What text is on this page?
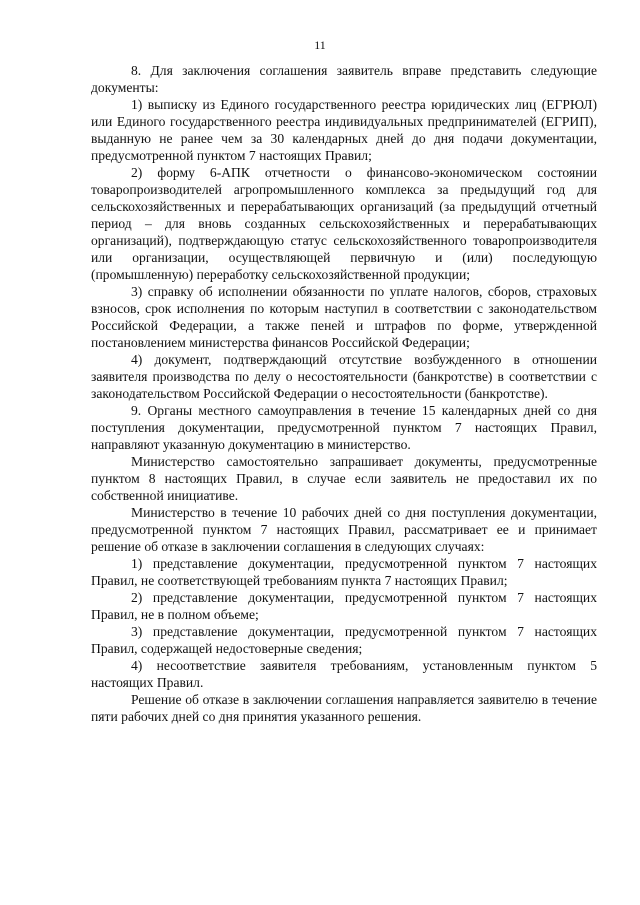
11

8. Для заключения соглашения заявитель вправе представить следующие документы:

1) выписку из Единого государственного реестра юридических лиц (ЕГРЮЛ) или Единого государственного реестра индивидуальных предпринимателей (ЕГРИП), выданную не ранее чем за 30 календарных дней до дня подачи документации, предусмотренной пунктом 7 настоящих Правил;

2) форму 6-АПК отчетности о финансово-экономическом состоянии товаропроизводителей агропромышленного комплекса за предыдущий год для сельскохозяйственных и перерабатывающих организаций (за предыдущий отчетный период – для вновь созданных сельскохозяйственных и перерабатывающих организаций), подтверждающую статус сельскохозяйственного товаропроизводителя или организации, осуществляющей первичную и (или) последующую (промышленную) переработку сельскохозяйственной продукции;

3) справку об исполнении обязанности по уплате налогов, сборов, страховых взносов, срок исполнения по которым наступил в соответствии с законодательством Российской Федерации, а также пеней и штрафов по форме, утвержденной постановлением министерства финансов Российской Федерации;

4) документ, подтверждающий отсутствие возбужденного в отношении заявителя производства по делу о несостоятельности (банкротстве) в соответствии с законодательством Российской Федерации о несостоятельности (банкротстве).

9. Органы местного самоуправления в течение 15 календарных дней со дня поступления документации, предусмотренной пунктом 7 настоящих Правил, направляют указанную документацию в министерство.

Министерство самостоятельно запрашивает документы, предусмотренные пунктом 8 настоящих Правил, в случае если заявитель не предоставил их по собственной инициативе.

Министерство в течение 10 рабочих дней со дня поступления документации, предусмотренной пунктом 7 настоящих Правил, рассматривает ее и принимает решение об отказе в заключении соглашения в следующих случаях:

1) представление документации, предусмотренной пунктом 7 настоящих Правил, не соответствующей требованиям пункта 7 настоящих Правил;

2) представление документации, предусмотренной пунктом 7 настоящих Правил, не в полном объеме;

3) представление документации, предусмотренной пунктом 7 настоящих Правил, содержащей недостоверные сведения;

4) несоответствие заявителя требованиям, установленным пунктом 5 настоящих Правил.

Решение об отказе в заключении соглашения направляется заявителю в течение пяти рабочих дней со дня принятия указанного решения.
